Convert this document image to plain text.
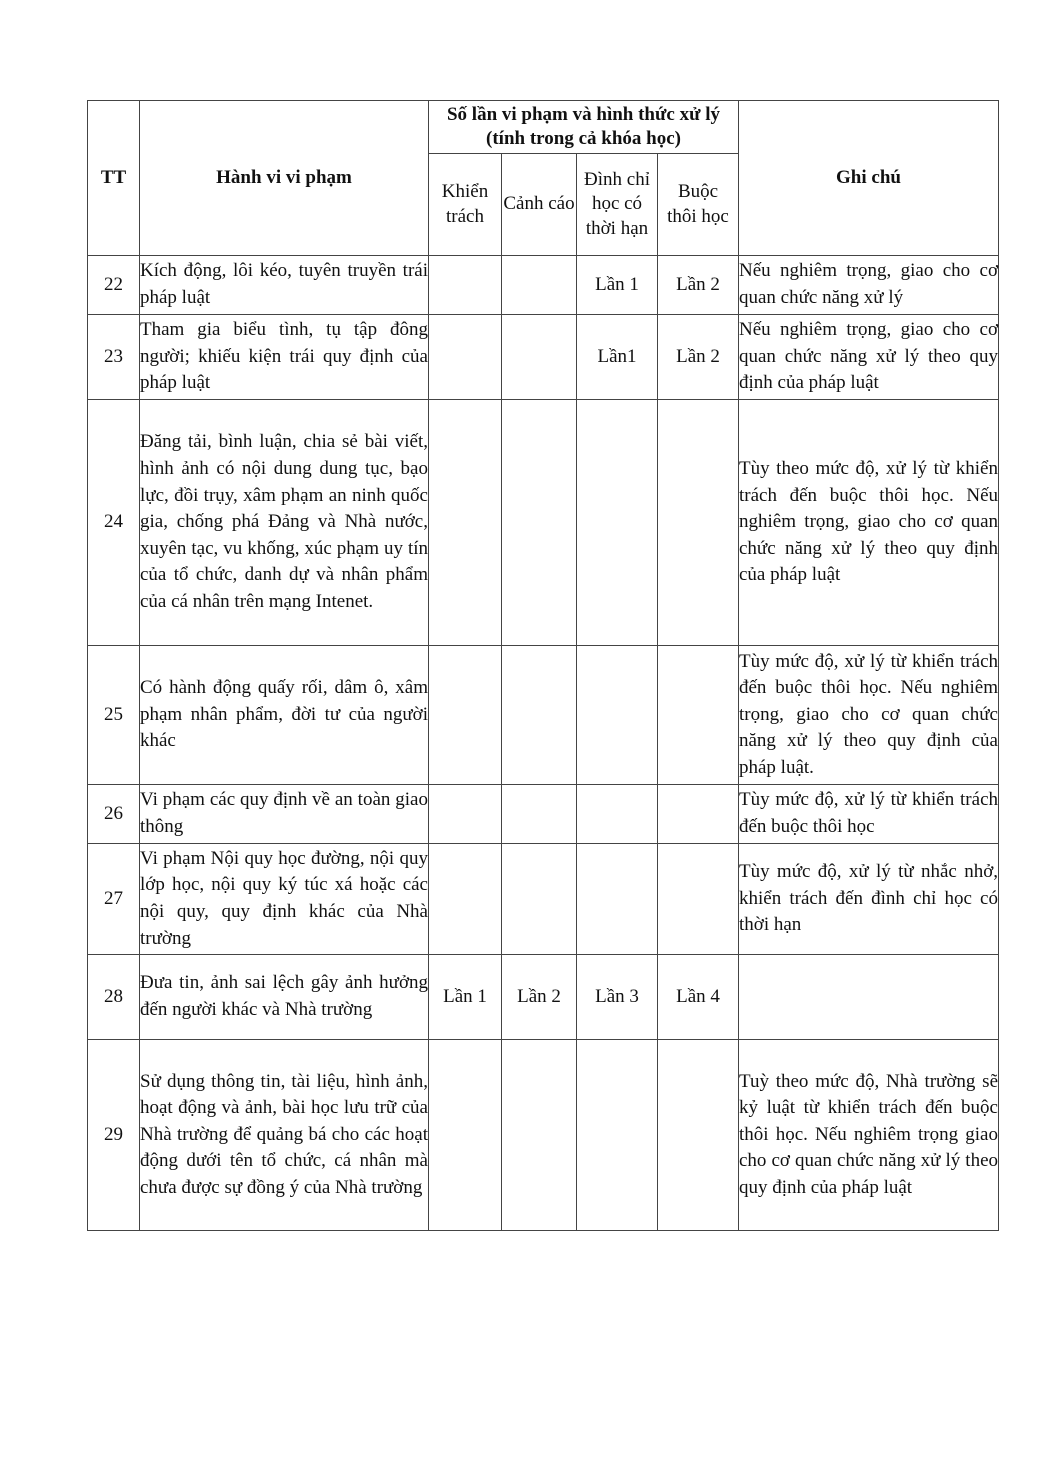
TT	Hành vi vi phạm	Số lần vi phạm và hình thức xử lý (tính trong cả khóa học)				Ghi chú
		Khiển trách	Cảnh cáo	Đình chỉ học có thời hạn	Buộc thôi học	
22	Kích động, lôi kéo, tuyên truyền trái pháp luật			Lần 1	Lần 2	Nếu nghiêm trọng, giao cho cơ quan chức năng xử lý
23	Tham gia biểu tình, tụ tập đông người; khiếu kiện trái quy định của pháp luật			Lần1	Lần 2	Nếu nghiêm trọng, giao cho cơ quan chức năng xử lý theo quy định của pháp luật
24	Đăng tải, bình luận, chia sẻ bài viết, hình ảnh có nội dung dung tục, bạo lực, đồi trụy, xâm phạm an ninh quốc gia, chống phá Đảng và Nhà nước, xuyên tạc, vu khống, xúc phạm uy tín của tổ chức, danh dự và nhân phẩm của cá nhân trên mạng Intenet.					Tùy theo mức độ, xử lý từ khiển trách đến buộc thôi học. Nếu nghiêm trọng, giao cho cơ quan chức năng xử lý theo quy định của pháp luật
25	Có hành động quấy rối, dâm ô, xâm phạm nhân phẩm, đời tư của người khác					Tùy mức độ, xử lý từ khiển trách đến buộc thôi học. Nếu nghiêm trọng, giao cho cơ quan chức năng xử lý theo quy định của pháp luật.
26	Vi phạm các quy định về an toàn giao thông					Tùy mức độ, xử lý từ khiển trách đến buộc thôi học
27	Vi phạm Nội quy học đường, nội quy lớp học, nội quy ký túc xá hoặc các nội quy, quy định khác của Nhà trường					Tùy mức độ, xử lý từ nhắc nhở, khiển trách đến đình chỉ học có thời hạn
28	Đưa tin, ảnh sai lệch gây ảnh hưởng đến người khác và Nhà trường	Lần 1	Lần 2	Lần 3	Lần 4	
29	Sử dụng thông tin, tài liệu, hình ảnh, hoạt động và ảnh, bài học lưu trữ của Nhà trường để quảng bá cho các hoạt động dưới tên tổ chức, cá nhân mà chưa được sự đồng ý của Nhà trường					Tuỳ theo mức độ, Nhà trường sẽ kỷ luật từ khiển trách đến buộc thôi học. Nếu nghiêm trọng giao cho cơ quan chức năng xử lý theo quy định của pháp luật
